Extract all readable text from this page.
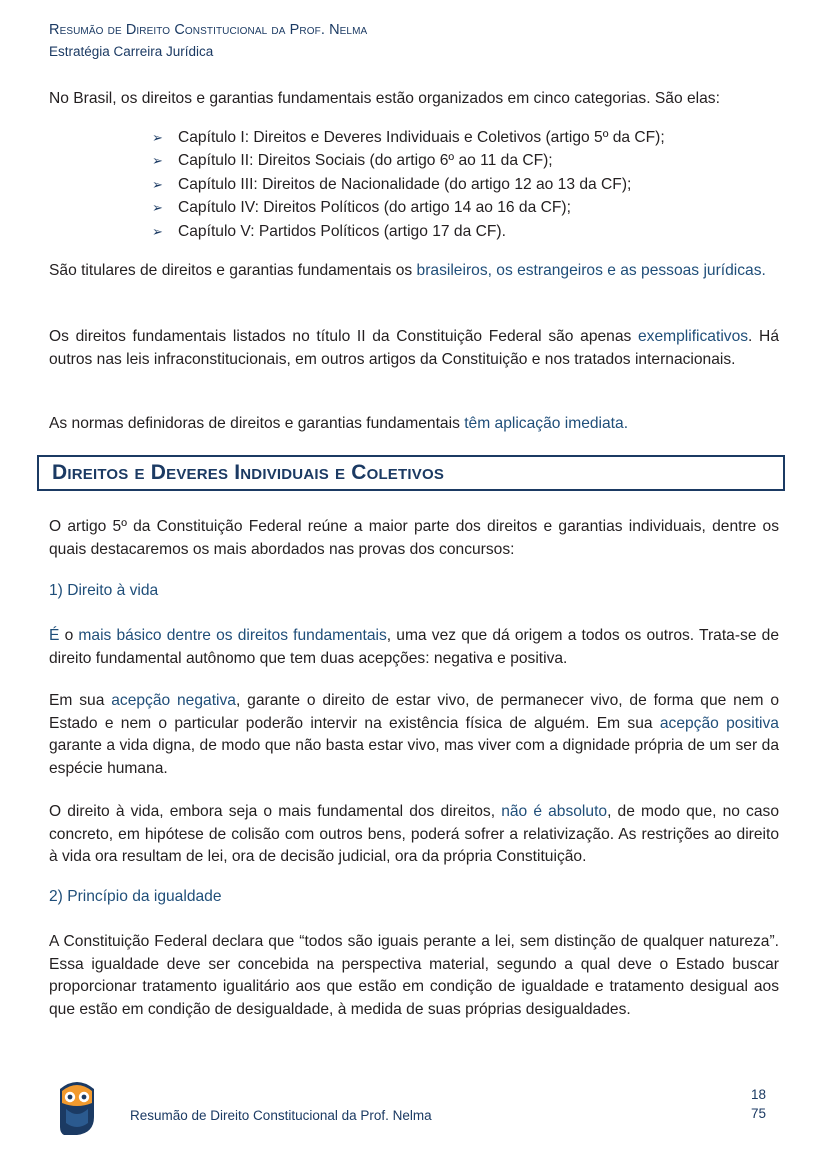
Resumão de Direito Constitucional da Prof. Nelma
Estratégia Carreira Jurídica
No Brasil, os direitos e garantias fundamentais estão organizados em cinco categorias. São elas:
➢ Capítulo I: Direitos e Deveres Individuais e Coletivos (artigo 5º da CF);
➢ Capítulo II: Direitos Sociais (do artigo 6º ao 11 da CF);
➢ Capítulo III: Direitos de Nacionalidade (do artigo 12 ao 13 da CF);
➢ Capítulo IV: Direitos Políticos (do artigo 14 ao 16 da CF);
➢ Capítulo V: Partidos Políticos (artigo 17 da CF).
São titulares de direitos e garantias fundamentais os brasileiros, os estrangeiros e as pessoas jurídicas.
Os direitos fundamentais listados no título II da Constituição Federal são apenas exemplificativos. Há outros nas leis infraconstitucionais, em outros artigos da Constituição e nos tratados internacionais.
As normas definidoras de direitos e garantias fundamentais têm aplicação imediata.
Direitos e Deveres Individuais e Coletivos
O artigo 5º da Constituição Federal reúne a maior parte dos direitos e garantias individuais, dentre os quais destacaremos os mais abordados nas provas dos concursos:
1) Direito à vida
É o mais básico dentre os direitos fundamentais, uma vez que dá origem a todos os outros. Trata-se de direito fundamental autônomo que tem duas acepções: negativa e positiva.
Em sua acepção negativa, garante o direito de estar vivo, de permanecer vivo, de forma que nem o Estado e nem o particular poderão intervir na existência física de alguém. Em sua acepção positiva garante a vida digna, de modo que não basta estar vivo, mas viver com a dignidade própria de um ser da espécie humana.
O direito à vida, embora seja o mais fundamental dos direitos, não é absoluto, de modo que, no caso concreto, em hipótese de colisão com outros bens, poderá sofrer a relativização. As restrições ao direito à vida ora resultam de lei, ora de decisão judicial, ora da própria Constituição.
2) Princípio da igualdade
A Constituição Federal declara que “todos são iguais perante a lei, sem distinção de qualquer natureza”. Essa igualdade deve ser concebida na perspectiva material, segundo a qual deve o Estado buscar proporcionar tratamento igualitário aos que estão em condição de igualdade e tratamento desigual aos que estão em condição de desigualdade, à medida de suas próprias desigualdades.
Resumão de Direito Constitucional da Prof. Nelma
18
75
